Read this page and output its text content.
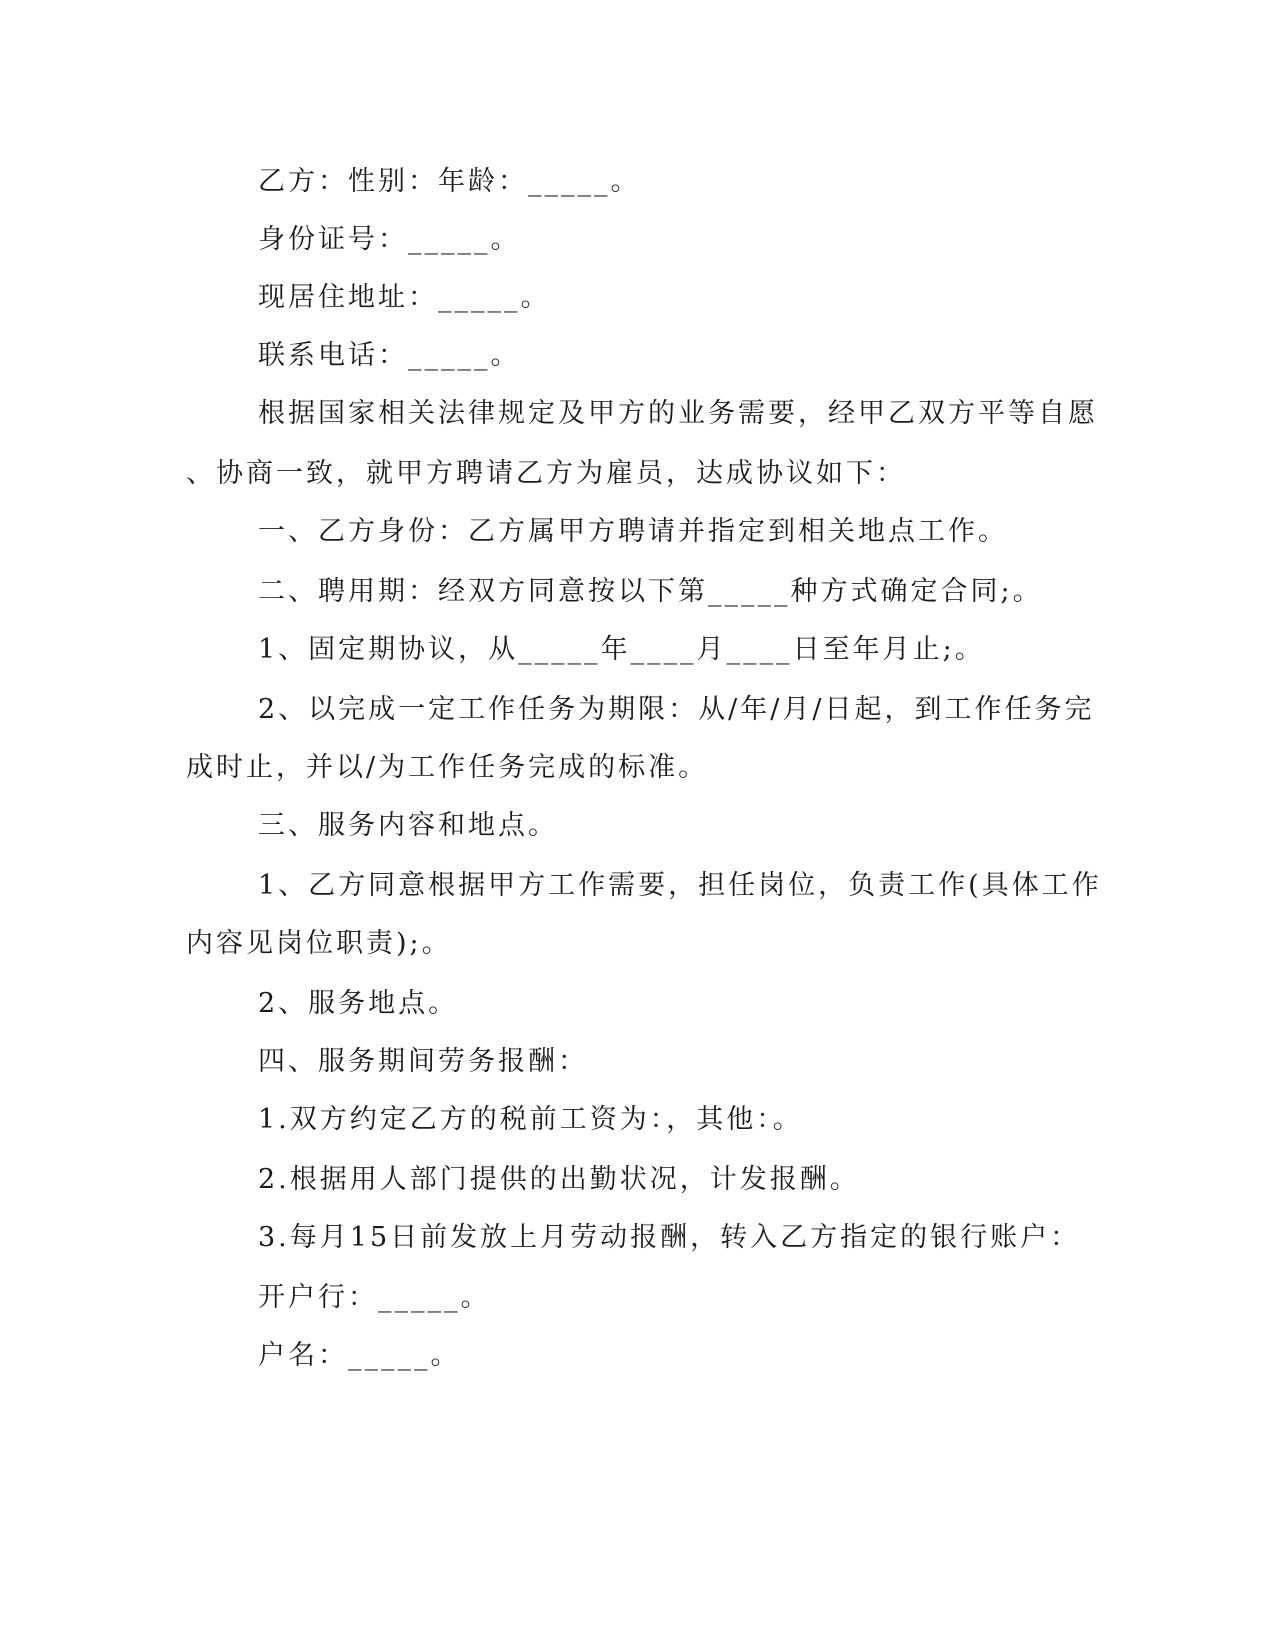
乙方：性别：年龄：_____。
身份证号：_____。
现居住地址：_____。
联系电话：_____。
根据国家相关法律规定及甲方的业务需要，经甲乙双方平等自愿
、协商一致，就甲方聘请乙方为雇员，达成协议如下：
一、乙方身份：乙方属甲方聘请并指定到相关地点工作。
二、聘用期：经双方同意按以下第_____种方式确定合同;。
1、固定期协议，从_____年____月____日至年月止;。
2、以完成一定工作任务为期限：从/年/月/日起，到工作任务完
成时止，并以/为工作任务完成的标准。
三、服务内容和地点。
1、乙方同意根据甲方工作需要，担任岗位，负责工作(具体工作
内容见岗位职责);。
2、服务地点。
四、服务期间劳务报酬：
1.双方约定乙方的税前工资为：，其他：。
2.根据用人部门提供的出勤状况，计发报酬。
3.每月15日前发放上月劳动报酬，转入乙方指定的银行账户：
开户行：_____。
户名：_____。
